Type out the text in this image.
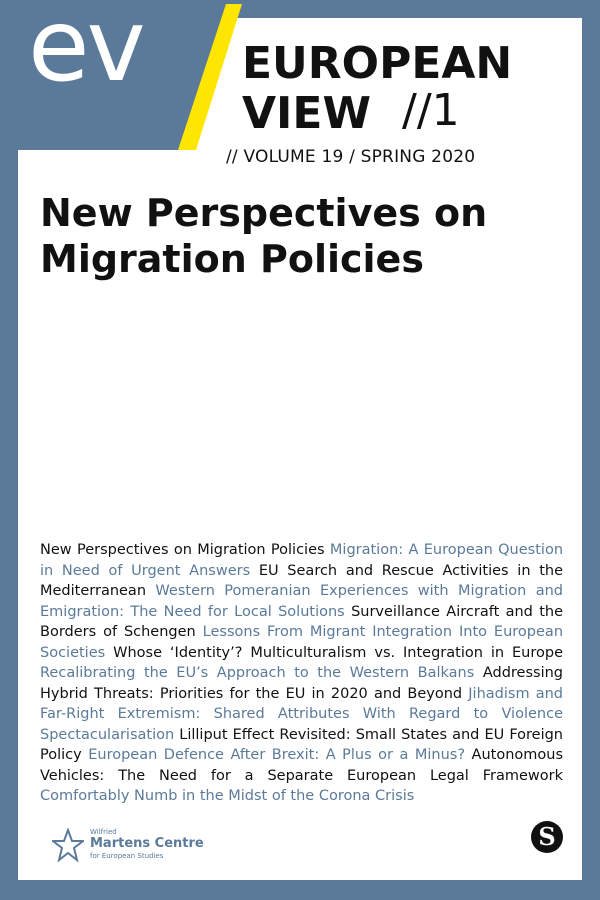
ev EUROPEAN
VIEW //1
// VOLUME 19 / SPRING 2020
New Perspectives on Migration Policies

New Perspectives on Migration Policies Migration: A European Question in Need of Urgent Answers EU Search and Rescue Activities in the Mediterranean Western Pomeranian Experiences with Migration and Emigration: The Need for Local Solutions Surveillance Aircraft and the Borders of Schengen Lessons From Migrant Integration Into European Societies Whose ‘Identity’? Multiculturalism vs. Integration in Europe Recalibrating the EU’s Approach to the Western Balkans Addressing Hybrid Threats: Priorities for the EU in 2020 and Beyond Jihadism and Far-Right Extremism: Shared Attributes With Regard to Violence Spectacularisation Lilliput Effect Revisited: Small States and EU Foreign Policy European Defence After Brexit: A Plus or a Minus? Autonomous Vehicles: The Need for a Separate European Legal Framework Comfortably Numb in the Midst of the Corona Crisis

Wilfried
Martens Centre
for European Studies
S
